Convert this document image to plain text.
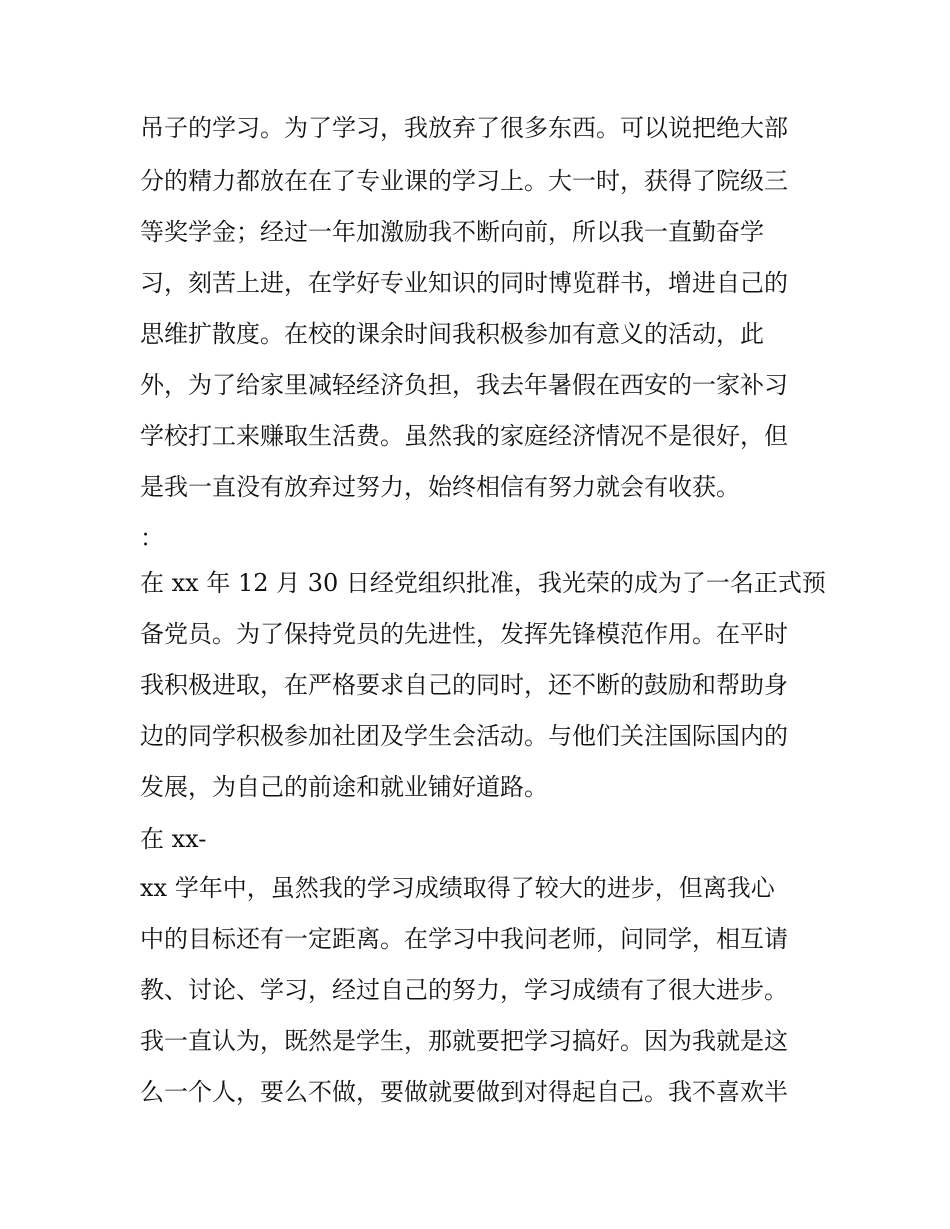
吊子的学习。为了学习，我放弃了很多东西。可以说把绝大部

分的精力都放在在了专业课的学习上。大一时，获得了院级三

等奖学金；经过一年加激励我不断向前，所以我一直勤奋学

习，刻苦上进，在学好专业知识的同时博览群书，增进自己的

思维扩散度。在校的课余时间我积极参加有意义的活动，此

外，为了给家里减轻经济负担，我去年暑假在西安的一家补习

学校打工来赚取生活费。虽然我的家庭经济情况不是很好，但

是我一直没有放弃过努力，始终相信有努力就会有收获。

：

在 xx 年 12 月 30 日经党组织批准，我光荣的成为了一名正式预

备党员。为了保持党员的先进性，发挥先锋模范作用。在平时

我积极进取，在严格要求自己的同时，还不断的鼓励和帮助身

边的同学积极参加社团及学生会活动。与他们关注国际国内的

发展，为自己的前途和就业铺好道路。

在 xx-

xx 学年中，虽然我的学习成绩取得了较大的进步，但离我心

中的目标还有一定距离。在学习中我问老师，问同学，相互请

教、讨论、学习，经过自己的努力，学习成绩有了很大进步。

我一直认为，既然是学生，那就要把学习搞好。因为我就是这

么一个人，要么不做，要做就要做到对得起自己。我不喜欢半
